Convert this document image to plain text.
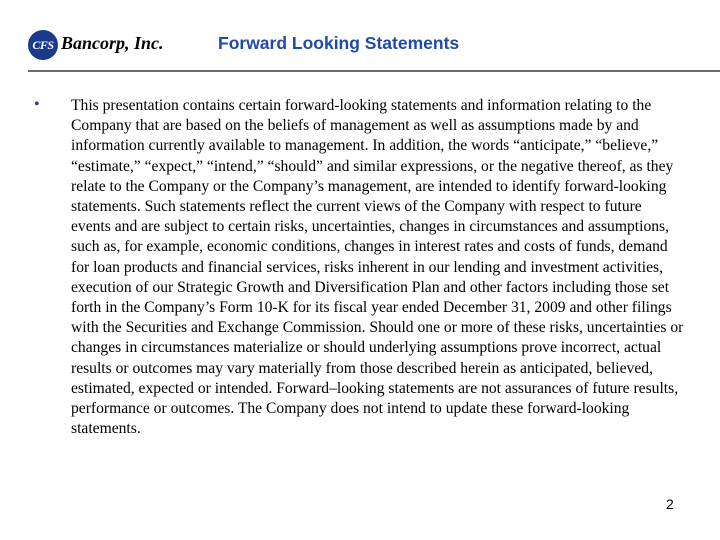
CFS Bancorp, Inc.	Forward Looking Statements
• This presentation contains certain forward-looking statements and information relating to the Company that are based on the beliefs of management as well as assumptions made by and information currently available to management. In addition, the words “anticipate,” “believe,” “estimate,” “expect,” “intend,” “should” and similar expressions, or the negative thereof, as they relate to the Company or the Company’s management, are intended to identify forward-looking statements. Such statements reflect the current views of the Company with respect to future events and are subject to certain risks, uncertainties, changes in circumstances and assumptions, such as, for example, economic conditions, changes in interest rates and costs of funds, demand for loan products and financial services, risks inherent in our lending and investment activities, execution of our Strategic Growth and Diversification Plan and other factors including those set forth in the Company’s Form 10-K for its fiscal year ended December 31, 2009 and other filings with the Securities and Exchange Commission. Should one or more of these risks, uncertainties or changes in circumstances materialize or should underlying assumptions prove incorrect, actual results or outcomes may vary materially from those described herein as anticipated, believed, estimated, expected or intended. Forward–looking statements are not assurances of future results, performance or outcomes. The Company does not intend to update these forward-looking statements.
2
